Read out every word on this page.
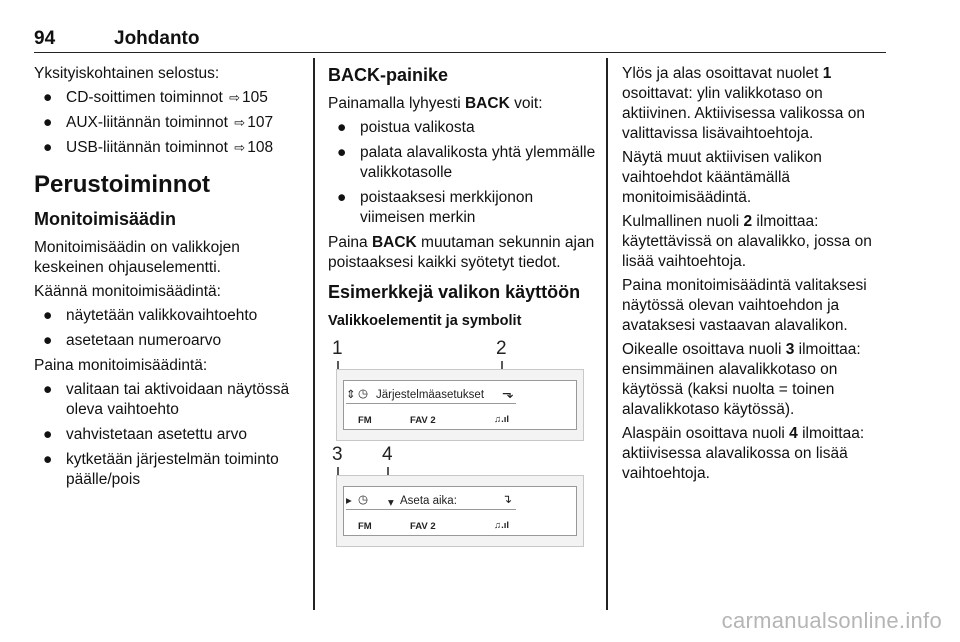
94	Johdanto

Yksityiskohtainen selostus:

● CD-soittimen toiminnot ⇨ 105
● AUX-liitännän toiminnot ⇨ 107
● USB-liitännän toiminnot ⇨ 108
Perustoiminnot
Monitoimisäädin

Monitoimisäädin on valikkojen keskeinen ohjauselementti.

Käännä monitoimisäädintä:

● näytetään valikkovaihtoehto
● asetetaan numeroarvo

Paina monitoimisäädintä:

● valitaan tai aktivoidaan näytössä oleva vaihtoehto
● vahvistetaan asetettu arvo
● kytketään järjestelmän toiminto päälle/pois
BACK-painike

Painamalla lyhyesti BACK voit:

● poistua valikosta
● palata alavalikosta yhtä ylemmälle valikkotasolle
● poistaaksesi merkkijonon viimeisen merkin

Paina BACK muutaman sekunnin ajan poistaaksesi kaikki syötetyt tiedot.

Esimerkkejä valikon käyttöön
Valikkoelementit ja symbolit
1	2
⇕ ◷ Järjestelmäasetukset ⬎
FM	FAV 2	♫.ıl
3 4
▸ ◷ ▾ Aseta aika:	↴
FM	FAV 2	♫.ıl

Ylös ja alas osoittavat nuolet 1 osoittavat: ylin valikkotaso on aktiivinen. Aktiivisessa valikossa on valittavissa lisävaihtoehtoja.

Näytä muut aktiivisen valikon vaihtoehdot kääntämällä monitoimisäädintä.

Kulmallinen nuoli 2 ilmoittaa: käytettävissä on alavalikko, jossa on lisää vaihtoehtoja.

Paina monitoimisäädintä valitaksesi näytössä olevan vaihtoehdon ja avataksesi vastaavan alavalikon.

Oikealle osoittava nuoli 3 ilmoittaa: ensimmäinen alavalikkotaso on käytössä (kaksi nuolta = toinen alavalikkotaso käytössä).

Alaspäin osoittava nuoli 4 ilmoittaa: aktiivisessa alavalikossa on lisää vaihtoehtoja.

carmanualsonline.info
